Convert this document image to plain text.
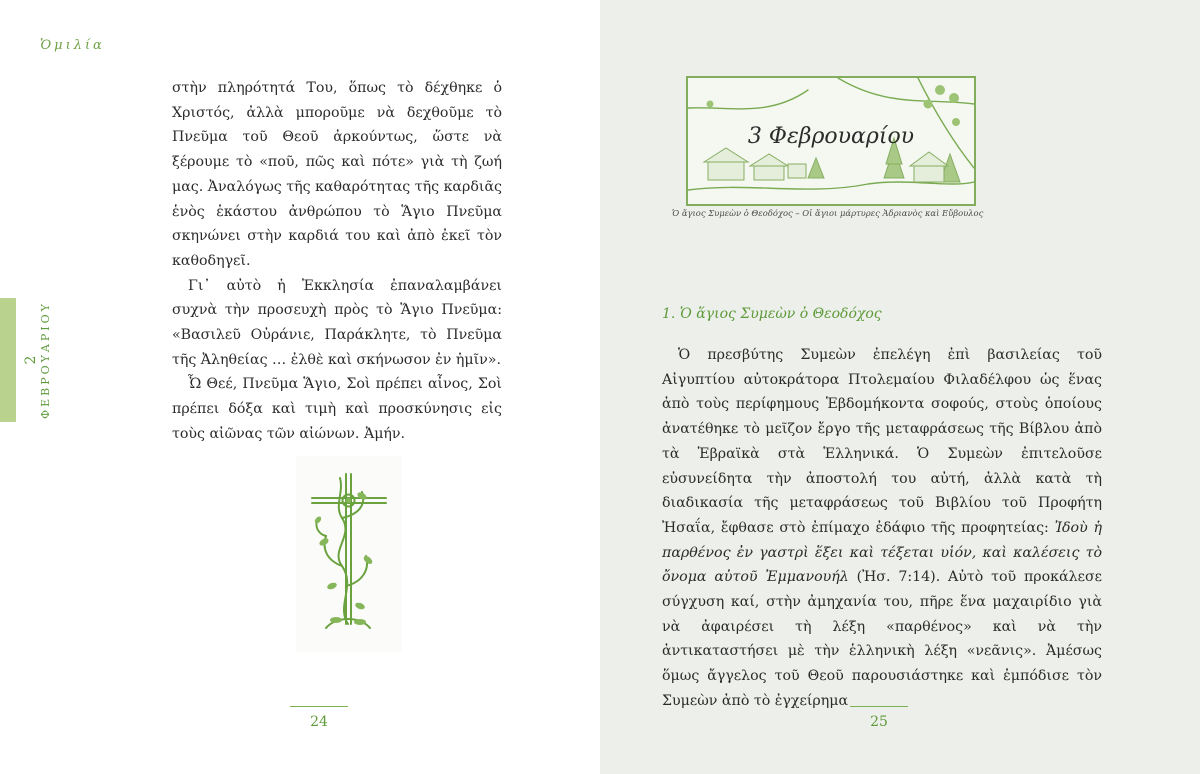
Ὁμιλία
2 ΦΕΒΡΟΥΑΡΙΟΥ

στὴν πληρότητά Του, ὅπως τὸ δέχθηκε ὁ Χριστός, ἀλλὰ μποροῦμε νὰ δεχθοῦμε τὸ Πνεῦμα τοῦ Θεοῦ ἀρκούντως, ὥστε νὰ ξέρουμε τὸ «ποῦ, πῶς καὶ πότε» γιὰ τὴ ζωή μας. Ἀναλόγως τῆς καθαρότητας τῆς καρδιᾶς ἑνὸς ἑκάστου ἀνθρώπου τὸ Ἅγιο Πνεῦμα σκηνώνει στὴν καρδιά του καὶ ἀπὸ ἐκεῖ τὸν καθοδηγεῖ.

Γι᾽ αὐτὸ ἡ Ἐκκλησία ἐπαναλαμβάνει συχνὰ τὴν προσευχὴ πρὸς τὸ Ἅγιο Πνεῦμα: «Βασιλεῦ Οὐράνιε, Παράκλητε, τὸ Πνεῦμα τῆς Ἀληθείας … ἐλθὲ καὶ σκήνωσον ἐν ἡμῖν».

Ὦ Θεέ, Πνεῦμα Ἅγιο, Σοὶ πρέπει αἶνος, Σοὶ πρέπει δόξα καὶ τιμὴ καὶ προσκύνησις εἰς τοὺς αἰῶνας τῶν αἰώνων. Ἀμήν.

24
3 Φεβρουαρίου
Ὁ ἅγιος Συμεὼν ὁ Θεοδόχος – Οἱ ἅγιοι μάρτυρες Ἀδριανὸς καὶ Εὔβουλος
1. Ὁ ἅγιος Συμεὼν ὁ Θεοδόχος

Ὁ πρεσβύτης Συμεὼν ἐπελέγη ἐπὶ βασιλείας τοῦ Αἰγυπτίου αὐτοκράτορα Πτολεμαίου Φιλαδέλφου ὡς ἕνας ἀπὸ τοὺς περίφημους Ἑβδομήκοντα σοφούς, στοὺς ὁποίους ἀνατέθηκε τὸ μεῖζον ἔργο τῆς μεταφράσεως τῆς Βίβλου ἀπὸ τὰ Ἑβραϊκὰ στὰ Ἑλληνικά. Ὁ Συμεὼν ἐπιτελοῦσε εὐσυνείδητα τὴν ἀποστολή του αὐτή, ἀλλὰ κατὰ τὴ διαδικασία τῆς μεταφράσεως τοῦ Βιβλίου τοῦ Προφήτη Ἠσαΐα, ἔφθασε στὸ ἐπίμαχο ἐδάφιο τῆς προφητείας: Ἰδοὺ ἡ παρθένος ἐν γαστρὶ ἕξει καὶ τέξεται υἱόν, καὶ καλέσεις τὸ ὄνομα αὐτοῦ Ἐμμανουήλ (Ἠσ. 7:14). Αὐτὸ τοῦ προκάλεσε σύγχυση καί, στὴν ἀμηχανία του, πῆρε ἕνα μαχαιρίδιο γιὰ νὰ ἀφαιρέσει τὴ λέξη «παρθένος» καὶ νὰ τὴν ἀντικαταστήσει μὲ τὴν ἑλληνικὴ λέξη «νεᾶνις». Ἀμέσως ὅμως ἄγγελος τοῦ Θεοῦ παρουσιάστηκε καὶ ἐμπόδισε τὸν Συμεὼν ἀπὸ τὸ ἐγχείρημα

25
